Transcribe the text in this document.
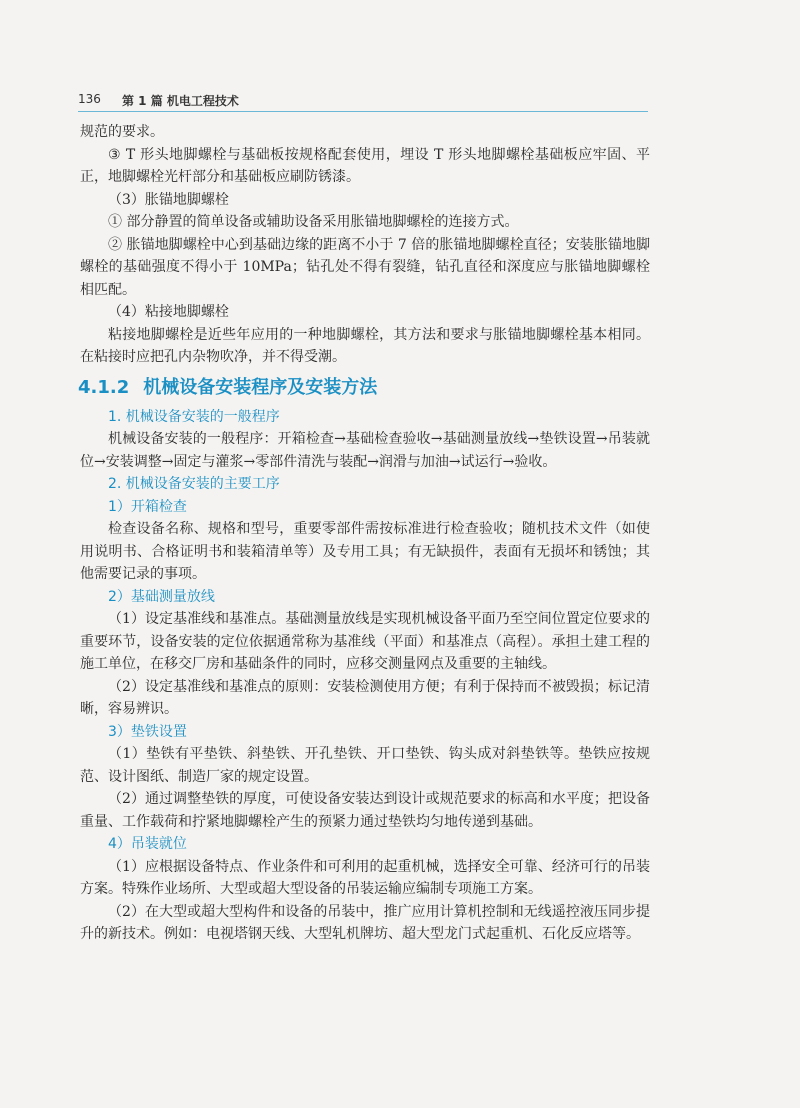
136 第 1 篇 机电工程技术

规范的要求。

③ T 形头地脚螺栓与基础板按规格配套使用，埋设 T 形头地脚螺栓基础板应牢固、平正，地脚螺栓光杆部分和基础板应刷防锈漆。

（3）胀锚地脚螺栓

① 部分静置的简单设备或辅助设备采用胀锚地脚螺栓的连接方式。

② 胀锚地脚螺栓中心到基础边缘的距离不小于 7 倍的胀锚地脚螺栓直径；安装胀锚地脚螺栓的基础强度不得小于 10MPa；钻孔处不得有裂缝，钻孔直径和深度应与胀锚地脚螺栓相匹配。

（4）粘接地脚螺栓

粘接地脚螺栓是近些年应用的一种地脚螺栓，其方法和要求与胀锚地脚螺栓基本相同。在粘接时应把孔内杂物吹净，并不得受潮。

4.1.2 机械设备安装程序及安装方法

1. 机械设备安装的一般程序

机械设备安装的一般程序：开箱检查→基础检查验收→基础测量放线→垫铁设置→吊装就位→安装调整→固定与灌浆→零部件清洗与装配→润滑与加油→试运行→验收。

2. 机械设备安装的主要工序

1）开箱检查

检查设备名称、规格和型号，重要零部件需按标准进行检查验收；随机技术文件（如使用说明书、合格证明书和装箱清单等）及专用工具；有无缺损件，表面有无损坏和锈蚀；其他需要记录的事项。

2）基础测量放线

（1）设定基准线和基准点。基础测量放线是实现机械设备平面乃至空间位置定位要求的重要环节，设备安装的定位依据通常称为基准线（平面）和基准点（高程）。承担土建工程的施工单位，在移交厂房和基础条件的同时，应移交测量网点及重要的主轴线。

（2）设定基准线和基准点的原则：安装检测使用方便；有利于保持而不被毁损；标记清晰，容易辨识。

3）垫铁设置

（1）垫铁有平垫铁、斜垫铁、开孔垫铁、开口垫铁、钩头成对斜垫铁等。垫铁应按规范、设计图纸、制造厂家的规定设置。

（2）通过调整垫铁的厚度，可使设备安装达到设计或规范要求的标高和水平度；把设备重量、工作载荷和拧紧地脚螺栓产生的预紧力通过垫铁均匀地传递到基础。

4）吊装就位

（1）应根据设备特点、作业条件和可利用的起重机械，选择安全可靠、经济可行的吊装方案。特殊作业场所、大型或超大型设备的吊装运输应编制专项施工方案。

（2）在大型或超大型构件和设备的吊装中，推广应用计算机控制和无线遥控液压同步提升的新技术。例如：电视塔钢天线、大型轧机牌坊、超大型龙门式起重机、石化反应塔等。
